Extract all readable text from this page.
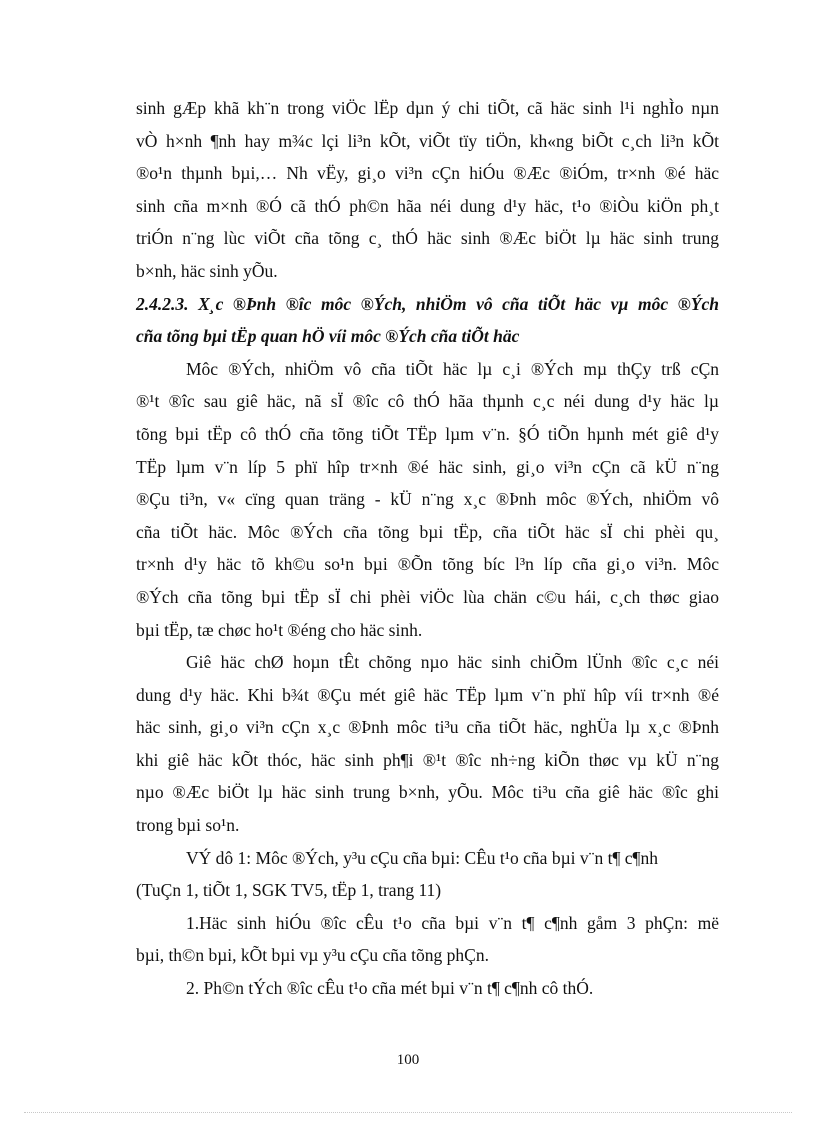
sinh gÆp khã kh¨n trong viÖc lËp dµn ý chi tiÕt, cã häc sinh l¹i nghÌo nµn
vÒ h×nh ¶nh hay m¾c lçi li³n kÕt, viÕt tïy tiÖn, kh«ng biÕt c¸ch li³n kÕt
®o¹n thµnh bµi,… Nh vËy, gi¸o vi³n cÇn hiÓu ®Æc ®iÓm, tr×nh ®é häc
sinh cña m×nh ®Ó cã thÓ ph©n hãa néi dung d¹y häc, t¹o ®iÒu kiÖn ph¸t
triÓn n¨ng lùc viÕt cña tõng c¸ thÓ häc sinh ®Æc biÖt lµ häc sinh trung
b×nh, häc sinh yÕu.
2.4.2.3. X¸c ®Þnh ®îc môc ®Ých, nhiÖm vô cña tiÕt häc vµ môc ®Ých
cña tõng bµi tËp quan hÖ víi môc ®Ých cña tiÕt häc
Môc ®Ých, nhiÖm vô cña tiÕt häc lµ c¸i ®Ých mµ thÇy trß cÇn
®¹t ®îc sau giê häc, nã sÏ ®îc cô thÓ hãa thµnh c¸c néi dung d¹y häc lµ
tõng bµi tËp cô thÓ cña tõng tiÕt TËp lµm v¨n. §Ó tiÕn hµnh mét giê d¹y
TËp lµm v¨n líp 5 phï hîp tr×nh ®é häc sinh, gi¸o vi³n cÇn cã kÜ n¨ng
®Çu ti³n, v« cïng quan träng - kÜ n¨ng x¸c ®Þnh môc ®Ých, nhiÖm vô
cña tiÕt häc. Môc ®Ých cña tõng bµi tËp, cña tiÕt häc sÏ chi phèi qu¸
tr×nh d¹y häc tõ kh©u so¹n bµi ®Õn tõng bíc l³n líp cña gi¸o vi³n. Môc
®Ých cña tõng bµi tËp sÏ chi phèi viÖc lùa chän c©u hái, c¸ch thøc giao
bµi tËp, tæ chøc ho¹t ®éng cho häc sinh.
Giê häc chØ hoµn tÊt chõng nµo häc sinh chiÕm lÜnh ®îc c¸c néi
dung d¹y häc. Khi b¾t ®Çu mét giê häc TËp lµm v¨n phï hîp víi tr×nh ®é
häc sinh, gi¸o vi³n cÇn x¸c ®Þnh môc ti³u cña tiÕt häc, nghÜa lµ x¸c ®Þnh
khi giê häc kÕt thóc, häc sinh ph¶i ®¹t ®îc nh÷ng kiÕn thøc vµ kÜ n¨ng
nµo ®Æc biÖt lµ häc sinh trung b×nh, yÕu. Môc ti³u cña giê häc ®îc ghi
trong bµi so¹n.
VÝ dô 1: Môc ®Ých, y³u cÇu cña bµi: CÊu t¹o cña bµi v¨n t¶ c¶nh
(TuÇn 1, tiÕt 1, SGK TV5, tËp 1, trang 11)
1.Häc sinh hiÓu ®îc cÊu t¹o cña bµi v¨n t¶ c¶nh gåm 3 phÇn: më
bµi, th©n bµi, kÕt bµi vµ y³u cÇu cña tõng phÇn.
2. Ph©n tÝch ®îc cÊu t¹o cña mét bµi v¨n t¶ c¶nh cô thÓ.
100
